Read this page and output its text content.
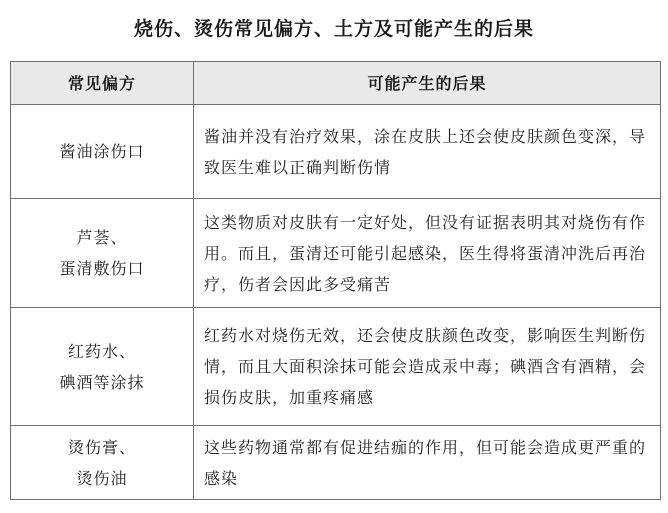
烧伤、烫伤常见偏方、土方及可能产生的后果
常见偏方	可能产生的后果

酱油涂伤口	酱油并没有治疗效果，涂在皮肤上还会使皮肤颜色变深，导致医生难以正确判断伤情

芦荟、
蛋清敷伤口	这类物质对皮肤有一定好处，但没有证据表明其对烧伤有作用。而且，蛋清还可能引起感染，医生得将蛋清冲洗后再治疗，伤者会因此多受痛苦

红药水、
碘酒等涂抹	红药水对烧伤无效，还会使皮肤颜色改变，影响医生判断伤情，而且大面积涂抹可能会造成汞中毒；碘酒含有酒精，会损伤皮肤，加重疼痛感

烫伤膏、
烫伤油	这些药物通常都有促进结痂的作用，但可能会造成更严重的感染
